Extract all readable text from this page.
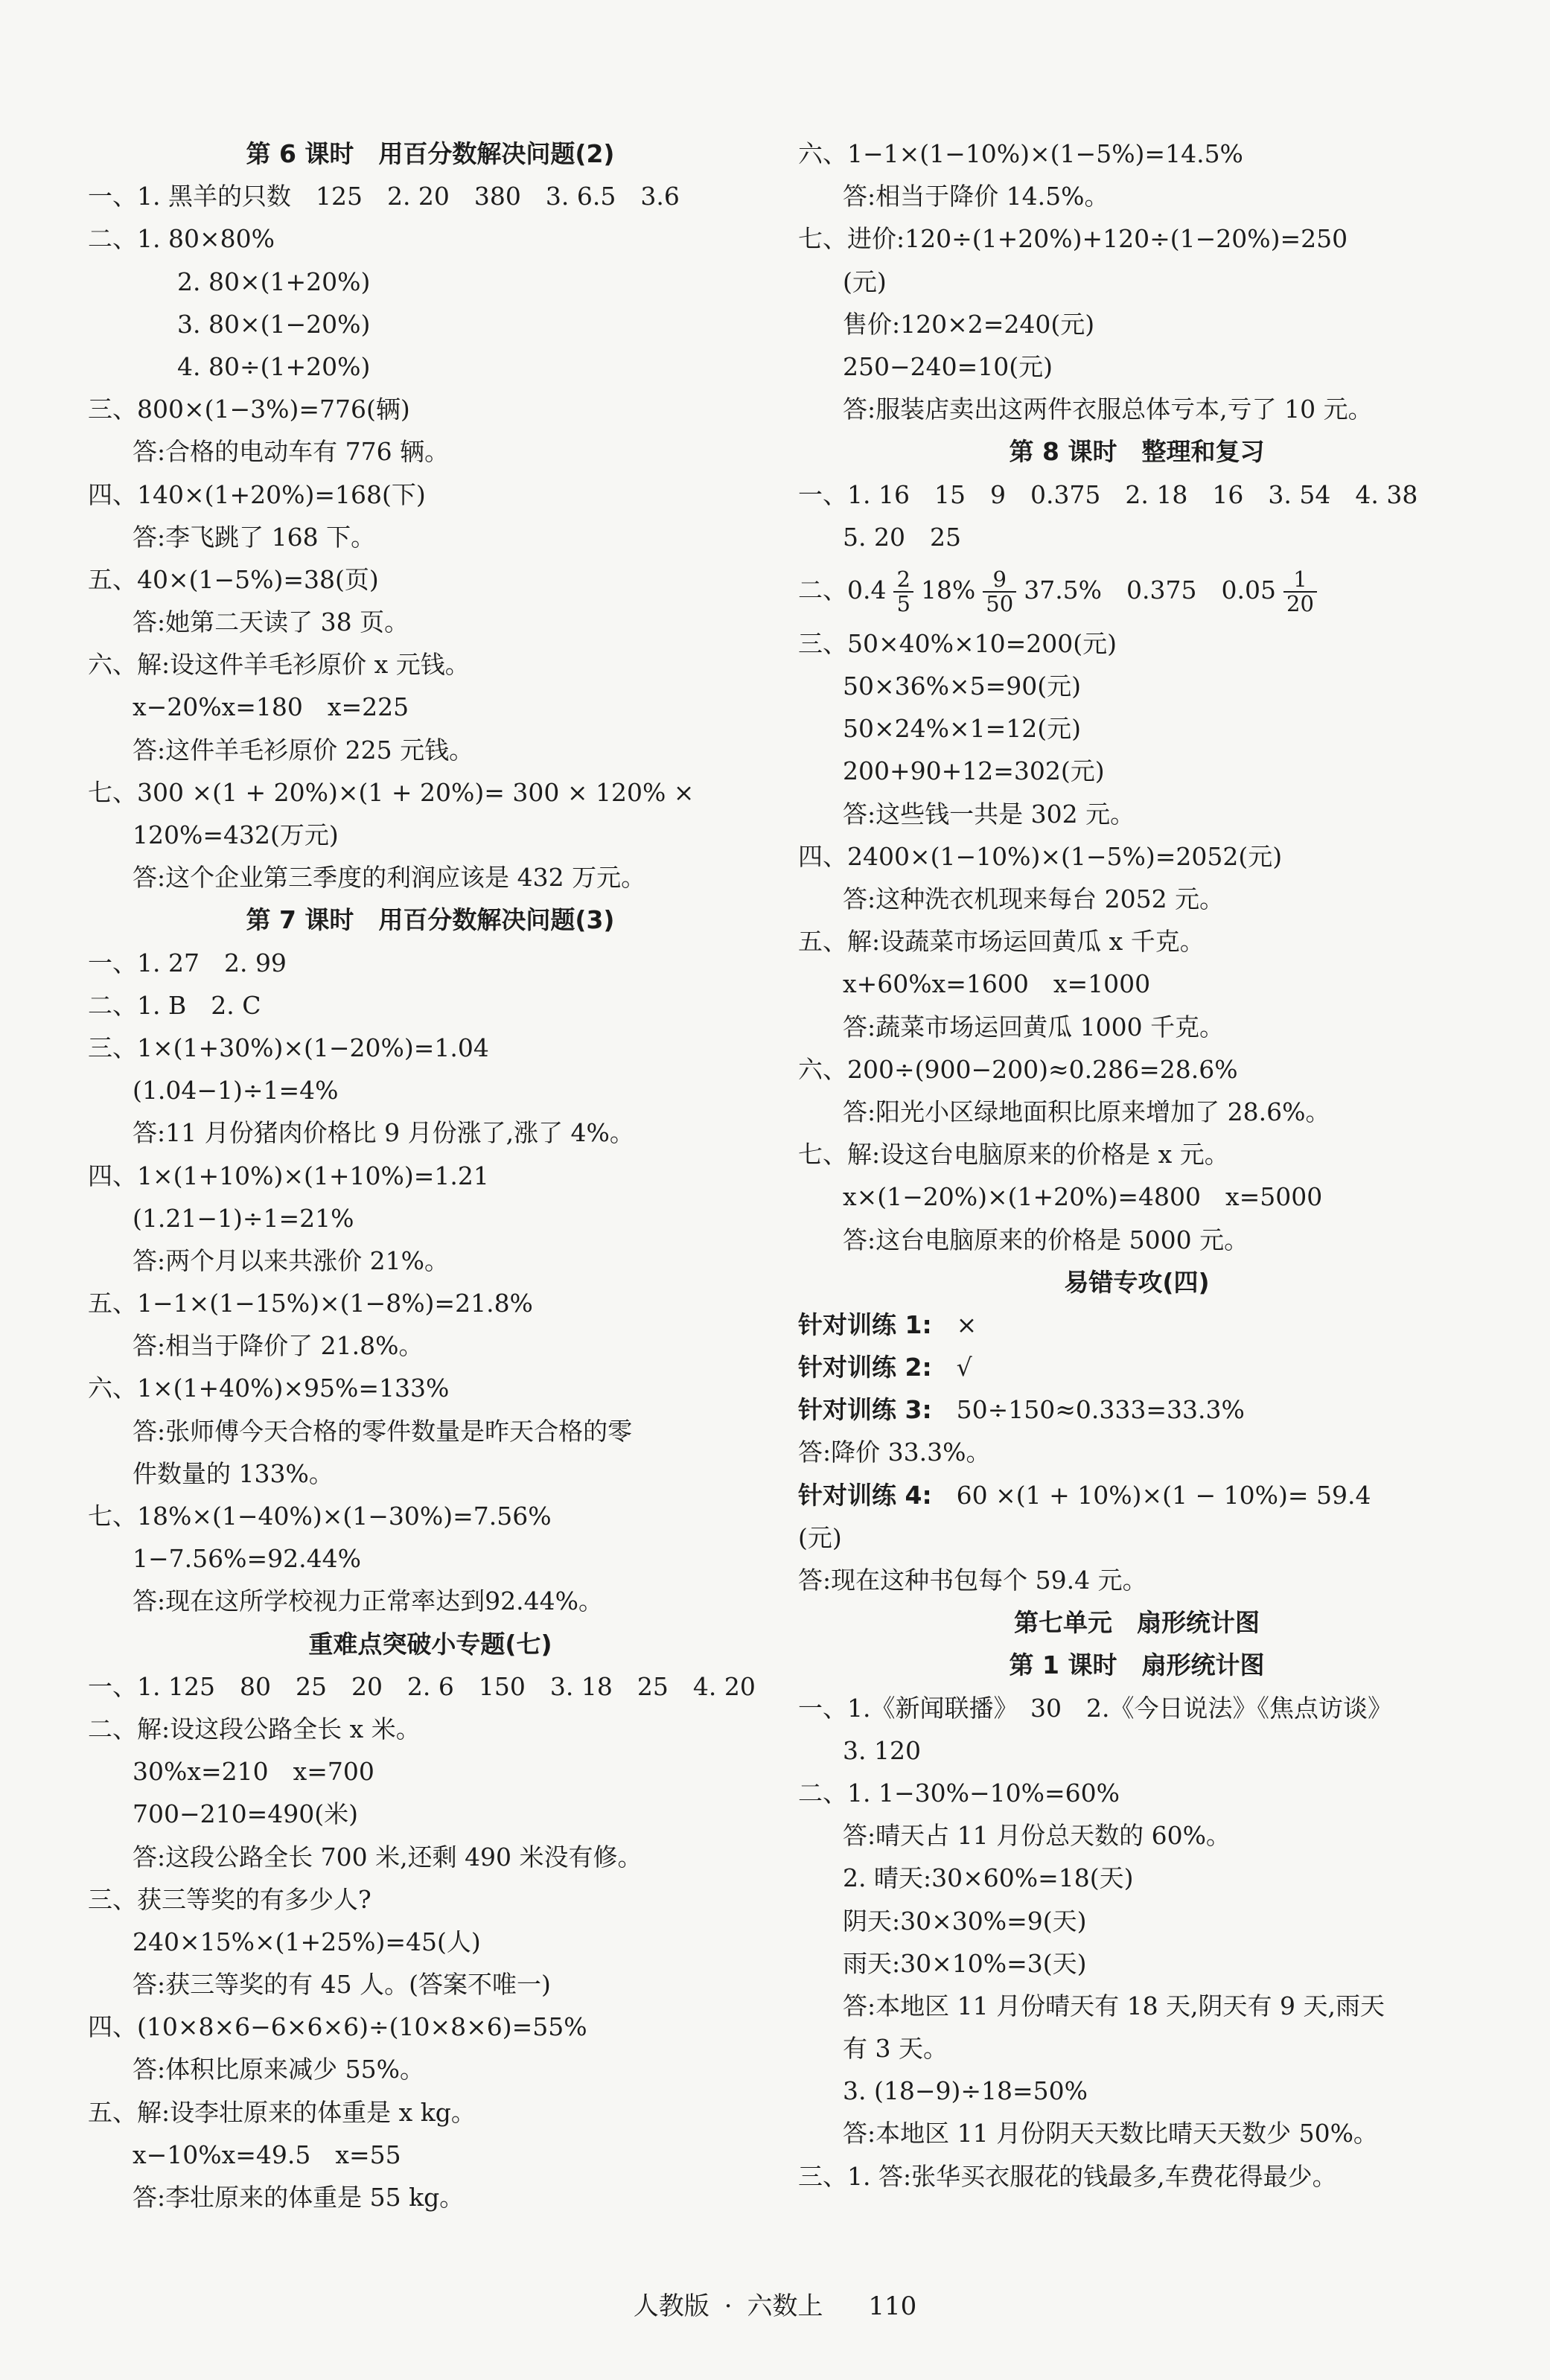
第 6 课时　用百分数解决问题(2)
一、1. 黑羊的只数　125　2. 20　380　3. 6.5　3.6
二、1. 80×80%
2. 80×(1+20%)
3. 80×(1−20%)
4. 80÷(1+20%)
三、800×(1−3%)=776(辆)
答:合格的电动车有 776 辆。
四、140×(1+20%)=168(下)
答:李飞跳了 168 下。
五、40×(1−5%)=38(页)
答:她第二天读了 38 页。
六、解:设这件羊毛衫原价 x 元钱。
x−20%x=180　x=225
答:这件羊毛衫原价 225 元钱。
七、300 ×(1 + 20%)×(1 + 20%)= 300 × 120% ×
120%=432(万元)
答:这个企业第三季度的利润应该是 432 万元。
第 7 课时　用百分数解决问题(3)
一、1. 27　2. 99
二、1. B　2. C
三、1×(1+30%)×(1−20%)=1.04
(1.04−1)÷1=4%
答:11 月份猪肉价格比 9 月份涨了,涨了 4%。
四、1×(1+10%)×(1+10%)=1.21
(1.21−1)÷1=21%
答:两个月以来共涨价 21%。
五、1−1×(1−15%)×(1−8%)=21.8%
答:相当于降价了 21.8%。
六、1×(1+40%)×95%=133%
答:张师傅今天合格的零件数量是昨天合格的零
件数量的 133%。
七、18%×(1−40%)×(1−30%)=7.56%
1−7.56%=92.44%
答:现在这所学校视力正常率达到92.44%。
重难点突破小专题(七)
一、1. 125　80　25　20　2. 6　150　3. 18　25　4. 20
二、解:设这段公路全长 x 米。
30%x=210　x=700
700−210=490(米)
答:这段公路全长 700 米,还剩 490 米没有修。
三、获三等奖的有多少人?
240×15%×(1+25%)=45(人)
答:获三等奖的有 45 人。(答案不唯一)
四、(10×8×6−6×6×6)÷(10×8×6)=55%
答:体积比原来减少 55%。
五、解:设李壮原来的体重是 x kg。
x−10%x=49.5　x=55
答:李壮原来的体重是 55 kg。
六、1−1×(1−10%)×(1−5%)=14.5%
答:相当于降价 14.5%。
七、进价:120÷(1+20%)+120÷(1−20%)=250
(元)
售价:120×2=240(元)
250−240=10(元)
答:服装店卖出这两件衣服总体亏本,亏了 10 元。
第 8 课时　整理和复习
一、1. 16　15　9　0.375　2. 18　16　3. 54　4. 38
5. 20　25
二、$0.4 \frac{2}{5} 18\% \frac{9}{50} 37.5\%$　0.375　$0.05 \frac{1}{20}$
三、50×40%×10=200(元)
50×36%×5=90(元)
50×24%×1=12(元)
200+90+12=302(元)
答:这些钱一共是 302 元。
四、2400×(1−10%)×(1−5%)=2052(元)
答:这种洗衣机现来每台 2052 元。
五、解:设蔬菜市场运回黄瓜 x 千克。
x+60%x=1600　x=1000
答:蔬菜市场运回黄瓜 1000 千克。
六、200÷(900−200)≈0.286=28.6%
答:阳光小区绿地面积比原来增加了 28.6%。
七、解:设这台电脑原来的价格是 x 元。
x×(1−20%)×(1+20%)=4800　x=5000
答:这台电脑原来的价格是 5000 元。
易错专攻(四)
针对训练 1:　×
针对训练 2:　√
针对训练 3:　50÷150≈0.333=33.3%
答:降价 33.3%。
针对训练 4:　60 ×(1 + 10%)×(1 − 10%)= 59.4
(元)
答:现在这种书包每个 59.4 元。
第七单元　扇形统计图
第 1 课时　扇形统计图
一、1.《新闻联播》　30　2.《今日说法》《焦点访谈》
3. 120
二、1. 1−30%−10%=60%
答:晴天占 11 月份总天数的 60%。
2. 晴天:30×60%=18(天)
阴天:30×30%=9(天)
雨天:30×10%=3(天)
答:本地区 11 月份晴天有 18 天,阴天有 9 天,雨天
有 3 天。
3. (18−9)÷18=50%
答:本地区 11 月份阴天天数比晴天天数少 50%。
三、1. 答:张华买衣服花的钱最多,车费花得最少。
人教版 · 六数上 110
